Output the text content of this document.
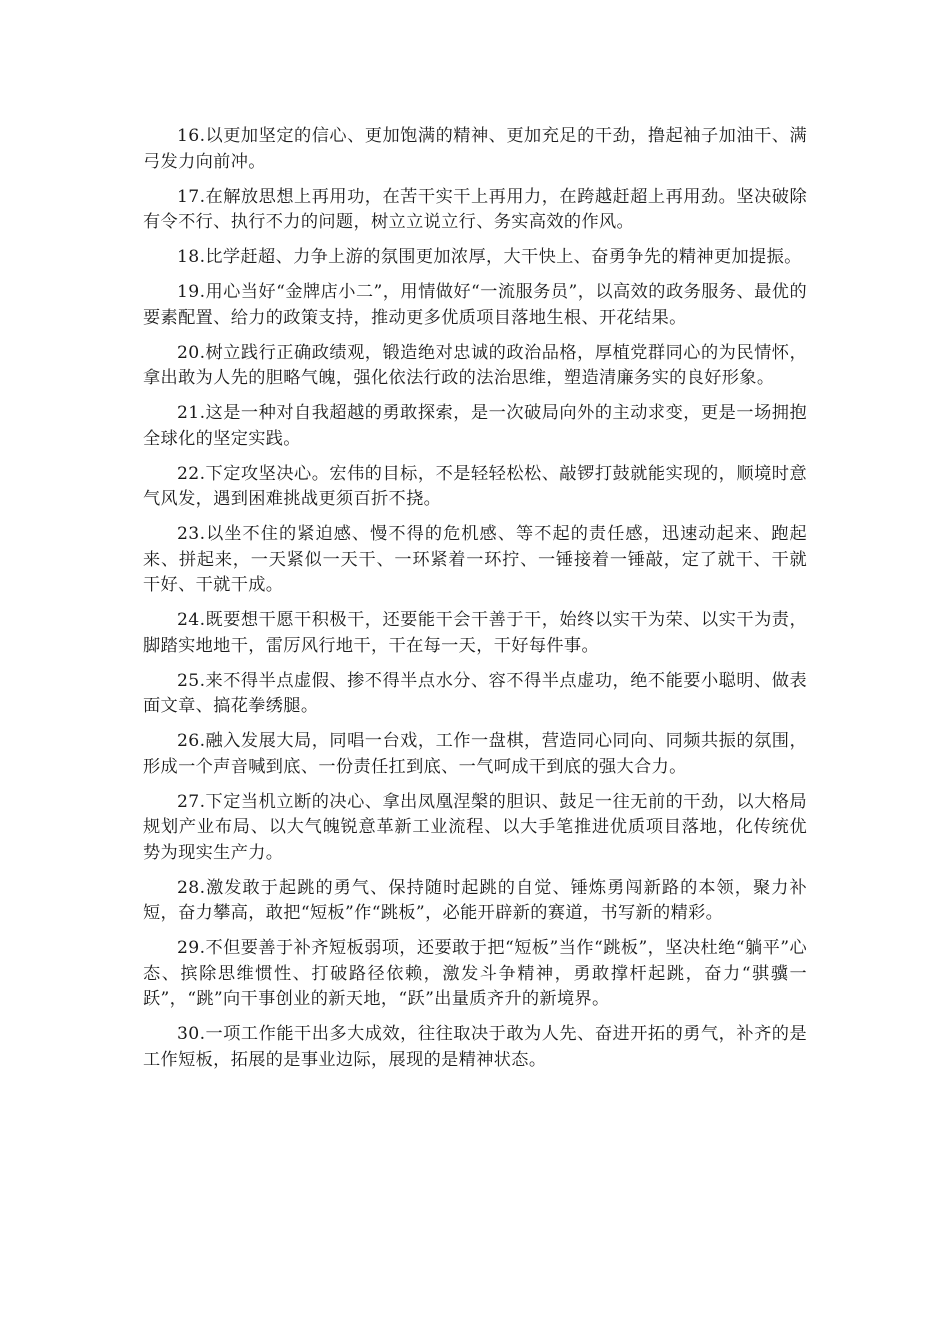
16.以更加坚定的信心、更加饱满的精神、更加充足的干劲，撸起袖子加油干、满弓发力向前冲。

17.在解放思想上再用功，在苦干实干上再用力，在跨越赶超上再用劲。坚决破除有令不行、执行不力的问题，树立立说立行、务实高效的作风。

18.比学赶超、力争上游的氛围更加浓厚，大干快上、奋勇争先的精神更加提振。

19.用心当好“金牌店小二”，用情做好“一流服务员”，以高效的政务服务、最优的要素配置、给力的政策支持，推动更多优质项目落地生根、开花结果。

20.树立践行正确政绩观，锻造绝对忠诚的政治品格，厚植党群同心的为民情怀，拿出敢为人先的胆略气魄，强化依法行政的法治思维，塑造清廉务实的良好形象。

21.这是一种对自我超越的勇敢探索，是一次破局向外的主动求变，更是一场拥抱全球化的坚定实践。

22.下定攻坚决心。宏伟的目标，不是轻轻松松、敲锣打鼓就能实现的，顺境时意气风发，遇到困难挑战更须百折不挠。

23.以坐不住的紧迫感、慢不得的危机感、等不起的责任感，迅速动起来、跑起来、拼起来，一天紧似一天干、一环紧着一环拧、一锤接着一锤敲，定了就干、干就干好、干就干成。

24.既要想干愿干积极干，还要能干会干善于干，始终以实干为荣、以实干为责，脚踏实地地干，雷厉风行地干，干在每一天，干好每件事。

25.来不得半点虚假、掺不得半点水分、容不得半点虚功，绝不能要小聪明、做表面文章、搞花拳绣腿。

26.融入发展大局，同唱一台戏，工作一盘棋，营造同心同向、同频共振的氛围，形成一个声音喊到底、一份责任扛到底、一气呵成干到底的强大合力。

27.下定当机立断的决心、拿出凤凰涅槃的胆识、鼓足一往无前的干劲，以大格局规划产业布局、以大气魄锐意革新工业流程、以大手笔推进优质项目落地，化传统优势为现实生产力。

28.激发敢于起跳的勇气、保持随时起跳的自觉、锤炼勇闯新路的本领，聚力补短，奋力攀高，敢把“短板”作“跳板”，必能开辟新的赛道，书写新的精彩。

29.不但要善于补齐短板弱项，还要敢于把“短板”当作“跳板”，坚决杜绝“躺平”心态、摈除思维惯性、打破路径依赖，激发斗争精神，勇敢撑杆起跳，奋力“骐骥一跃”，“跳”向干事创业的新天地，“跃”出量质齐升的新境界。

30.一项工作能干出多大成效，往往取决于敢为人先、奋进开拓的勇气，补齐的是工作短板，拓展的是事业边际，展现的是精神状态。
